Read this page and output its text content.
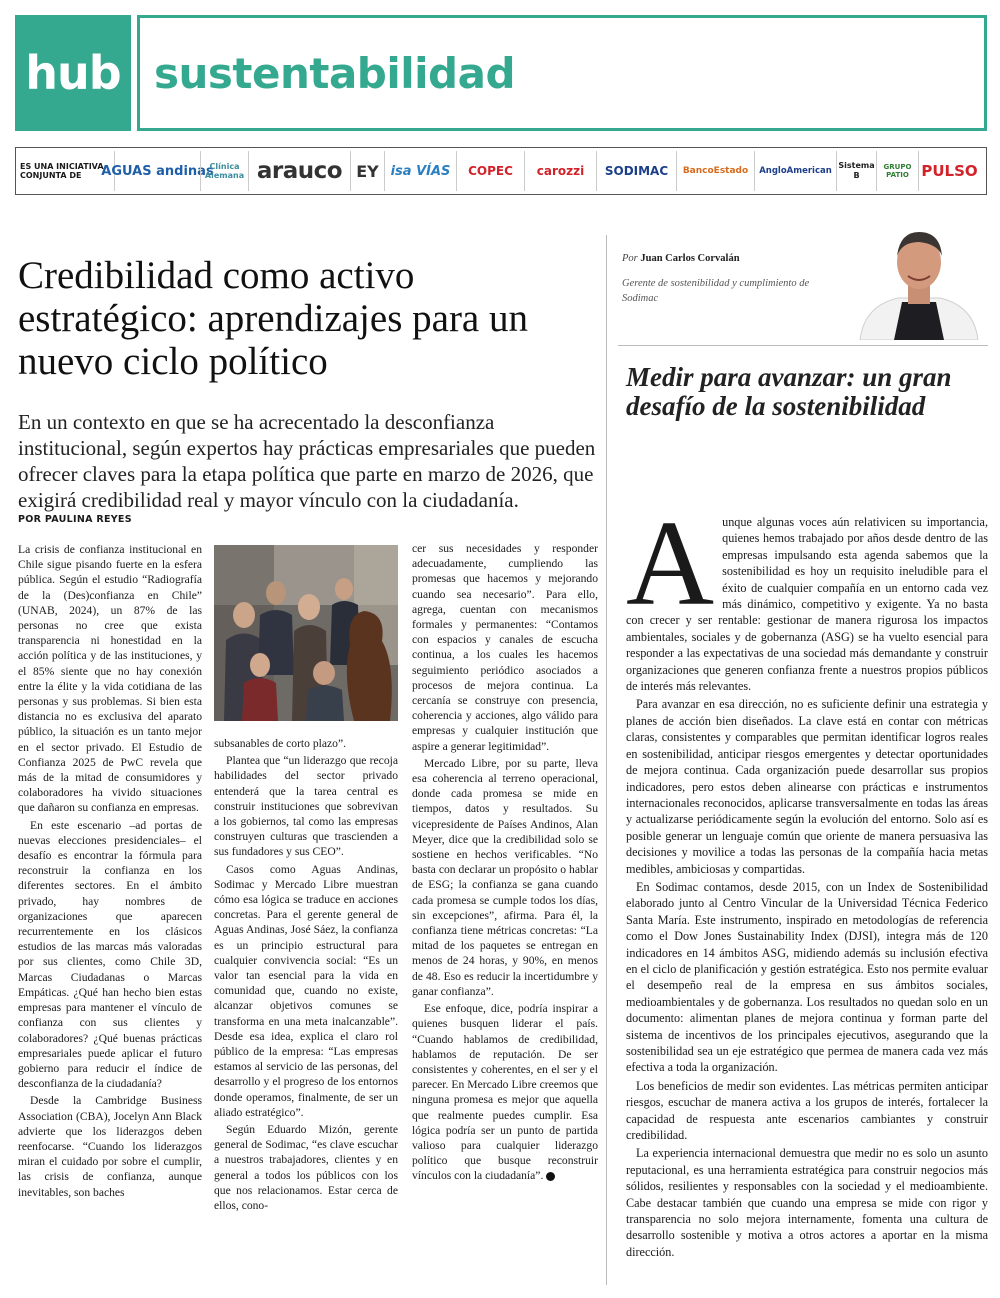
hub sustentabilidad
ES UNA INICIATIVA CONJUNTA DE	AGUAS andinas
Clínica Alemana arauco EY isa VÍAS	COPEC	carozzi	SODIMAC	BancoEstado	AngloAmerican
Sistema B
GRUPO PATIO PULSO
Credibilidad como activo estratégico: aprendizajes para un nuevo ciclo político

En un contexto en que se ha acrecentado la desconfianza institucional, según expertos hay prácticas empresariales que pueden ofrecer claves para la etapa política que parte en marzo de 2026, que exigirá credibilidad real y mayor vínculo con la ciudadanía.

POR PAULINA REYES

La crisis de confianza institucional en Chile sigue pisando fuerte en la esfera pública. Según el estudio “Radiografía de la (Des)confianza en Chile” (UNAB, 2024), un 87% de las personas no cree que exista transparencia ni honestidad en la acción política y de las instituciones, y el 85% siente que no hay conexión entre la élite y la vida cotidiana de las personas y sus problemas. Si bien esta distancia no es exclusiva del aparato público, la situación es un tanto mejor en el sector privado. El Estudio de Confianza 2025 de PwC revela que más de la mitad de consumidores y colaboradores ha vivido situaciones que dañaron su confianza en empresas.

En este escenario –ad portas de nuevas elecciones presidenciales– el desafío es encontrar la fórmula para reconstruir la confianza en los diferentes sectores. En el ámbito privado, hay nombres de organizaciones que aparecen recurrentemente en los clásicos estudios de las marcas más valoradas por sus clientes, como Chile 3D, Marcas Ciudadanas o Marcas Empáticas. ¿Qué han hecho bien estas empresas para mantener el vínculo de confianza con sus clientes y colaboradores? ¿Qué buenas prácticas empresariales puede aplicar el futuro gobierno para reducir el índice de desconfianza de la ciudadanía?

Desde la Cambridge Business Association (CBA), Jocelyn Ann Black advierte que los liderazgos deben reenfocarse. “Cuando los liderazgos miran el cuidado por sobre el cumplir, las crisis de confianza, aunque inevitables, son baches

subsanables de corto plazo”.

Plantea que “un liderazgo que recoja habilidades del sector privado entenderá que la tarea central es construir instituciones que sobrevivan a los gobiernos, tal como las empresas construyen culturas que trascienden a sus fundadores y sus CEO”.

Casos como Aguas Andinas, Sodimac y Mercado Libre muestran cómo esa lógica se traduce en acciones concretas. Para el gerente general de Aguas Andinas, José Sáez, la confianza es un principio estructural para cualquier convivencia social: “Es un valor tan esencial para la vida en comunidad que, cuando no existe, alcanzar objetivos comunes se transforma en una meta inalcanzable”. Desde esa idea, explica el claro rol público de la empresa: “Las empresas estamos al servicio de las personas, del desarrollo y el progreso de los entornos donde operamos, finalmente, de ser un aliado estratégico”.

Según Eduardo Mizón, gerente general de Sodimac, “es clave escuchar a nuestros trabajadores, clientes y en general a todos los públicos con los que nos relacionamos. Estar cerca de ellos, cono-

cer sus necesidades y responder adecuadamente, cumpliendo las promesas que hacemos y mejorando cuando sea necesario”. Para ello, agrega, cuentan con mecanismos formales y permanentes: “Contamos con espacios y canales de escucha continua, a los cuales les hacemos seguimiento periódico asociados a procesos de mejora continua. La cercanía se construye con presencia, coherencia y acciones, algo válido para empresas y cualquier institución que aspire a generar legitimidad”.

Mercado Libre, por su parte, lleva esa coherencia al terreno operacional, donde cada promesa se mide en tiempos, datos y resultados. Su vicepresidente de Países Andinos, Alan Meyer, dice que la credibilidad solo se sostiene en hechos verificables. “No basta con declarar un propósito o hablar de ESG; la confianza se gana cuando cada promesa se cumple todos los días, sin excepciones”, afirma. Para él, la confianza tiene métricas concretas: “La mitad de los paquetes se entregan en menos de 24 horas, y 90%, en menos de 48. Eso es reducir la incertidumbre y ganar confianza”.

Ese enfoque, dice, podría inspirar a quienes busquen liderar el país. “Cuando hablamos de credibilidad, hablamos de reputación. De ser consistentes y coherentes, en el ser y el parecer. En Mercado Libre creemos que ninguna promesa es mejor que aquella que realmente puedes cumplir. Esa lógica podría ser un punto de partida valioso para cualquier liderazgo político que busque reconstruir vínculos con la ciudadanía”. P

Por Juan Carlos Corvalán
Gerente de sostenibilidad y cumplimiento de Sodimac
Medir para avanzar: un gran desafío de la sostenibilidad

Aunque algunas voces aún relativicen su importancia, quienes hemos trabajado por años desde dentro de las empresas impulsando esta agenda sabemos que la sostenibilidad es hoy un requisito ineludible para el éxito de cualquier compañía en un entorno cada vez más dinámico, competitivo y exigente. Ya no basta con crecer y ser rentable: gestionar de manera rigurosa los impactos ambientales, sociales y de gobernanza (ASG) se ha vuelto esencial para responder a las expectativas de una sociedad más demandante y construir organizaciones que generen confianza frente a nuestros propios públicos de interés más relevantes.

Para avanzar en esa dirección, no es suficiente definir una estrategia y planes de acción bien diseñados. La clave está en contar con métricas claras, consistentes y comparables que permitan identificar logros reales en sostenibilidad, anticipar riesgos emergentes y detectar oportunidades de mejora continua. Cada organización puede desarrollar sus propios indicadores, pero estos deben alinearse con prácticas e instrumentos internacionales reconocidos, aplicarse transversalmente en todas las áreas y actualizarse periódicamente según la evolución del entorno. Solo así es posible generar un lenguaje común que oriente de manera persuasiva las decisiones y movilice a todas las personas de la compañía hacia metas medibles, ambiciosas y compartidas.

En Sodimac contamos, desde 2015, con un Index de Sostenibilidad elaborado junto al Centro Vincular de la Universidad Técnica Federico Santa María. Este instrumento, inspirado en metodologías de referencia como el Dow Jones Sustainability Index (DJSI), integra más de 120 indicadores en 14 ámbitos ASG, midiendo además su inclusión efectiva en el ciclo de planificación y gestión estratégica. Esto nos permite evaluar el desempeño real de la empresa en sus ámbitos sociales, medioambientales y de gobernanza. Los resultados no quedan solo en un documento: alimentan planes de mejora continua y forman parte del sistema de incentivos de los principales ejecutivos, asegurando que la sostenibilidad sea un eje estratégico que permea de manera cada vez más efectiva a toda la organización.

Los beneficios de medir son evidentes. Las métricas permiten anticipar riesgos, escuchar de manera activa a los grupos de interés, fortalecer la capacidad de respuesta ante escenarios cambiantes y construir credibilidad.

La experiencia internacional demuestra que medir no es solo un asunto reputacional, es una herramienta estratégica para construir negocios más sólidos, resilientes y responsables con la sociedad y el medioambiente. Cabe destacar también que cuando una empresa se mide con rigor y transparencia no solo mejora internamente, fomenta una cultura de desarrollo sostenible y motiva a otros actores a aportar en la misma dirección.
